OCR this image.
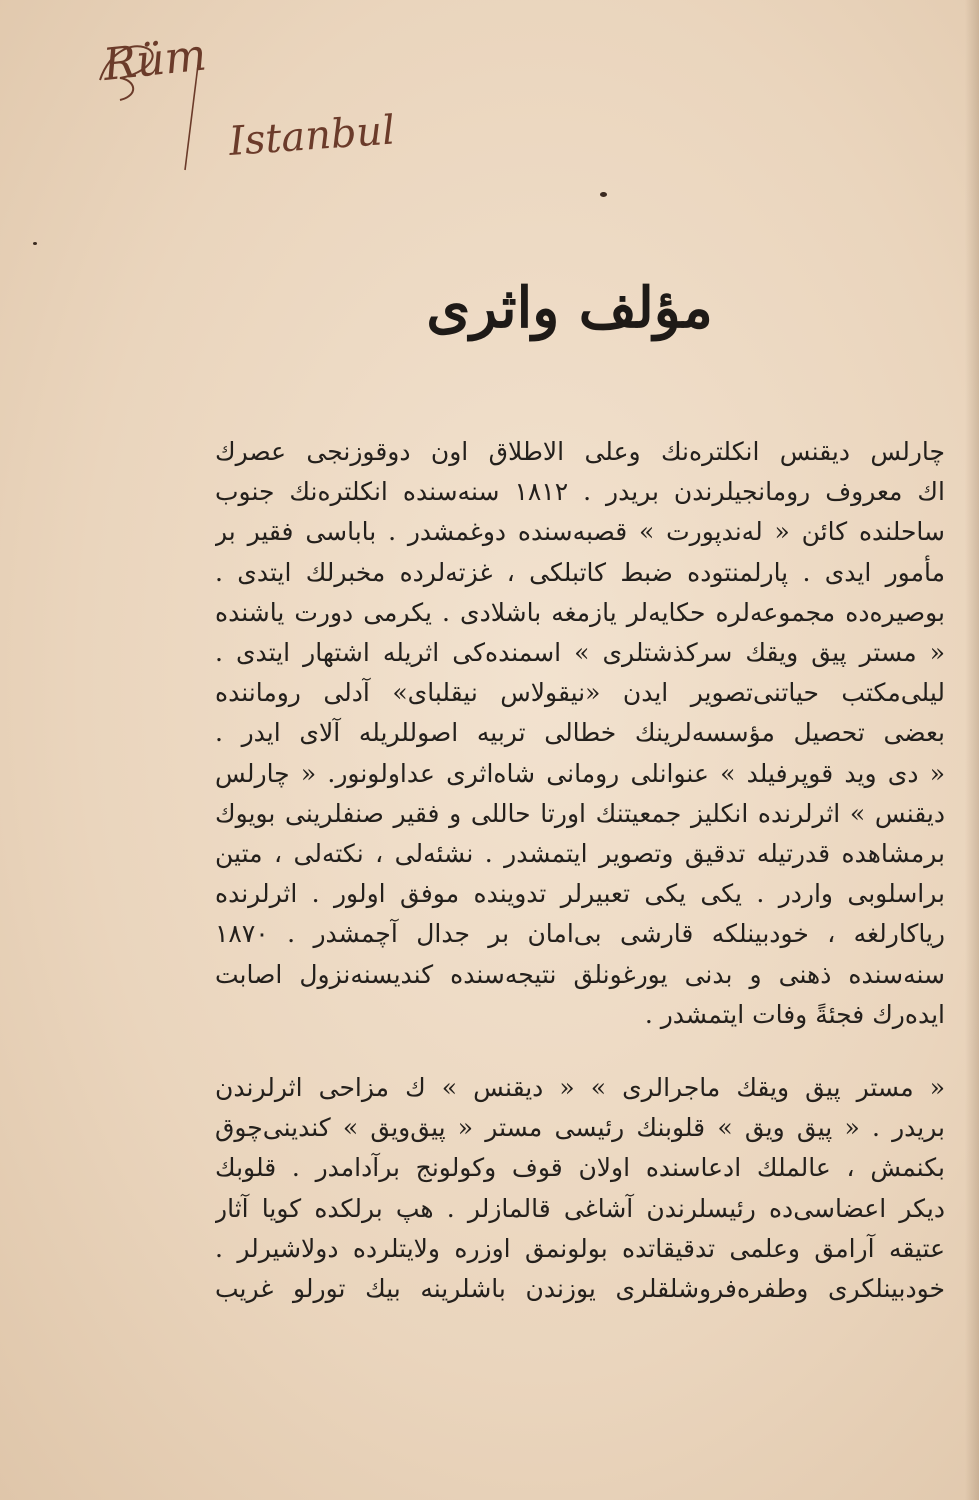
Rüm
Istanbul
مؤلف واثری
چارلس دیقنس انکلتره‌نك وعلى الاطلاق اون دوقوزنجی عصرك
اك معروف رومانجیلرندن بریدر . ١٨١٢ سنه‌سنده انکلتره‌نك جنوب
ساحلنده کائن « له‌ندپورت » قصبه‌سنده دوغمشدر . باباسی فقیر بر
مأمور ایدی . پارلمنتوده ضبط کاتبلکی ، غزته‌لرده مخبرلك ایتدی .
بوصیره‌ده مجموعه‌لره حکایه‌لر یازمغه باشلادی . یکرمی دورت یاشنده
« مستر پیق ویقك سرکذشتلری » اسمنده‌کی اثریله اشتهار ایتدی .
لیلی‌مکتب حیاتنی‌تصویر ایدن «نیقولاس نیقلبای» آدلی روماننده
بعضی تحصیل مؤسسه‌لرینك خطالی تربیه اصوللریله آلای ایدر .
« دی وید قوپرفیلد » عنوانلی رومانی شاه‌اثری عداولونور. « چارلس
دیقنس » اثرلرنده انکلیز جمعیتنك اورتا حاللی و فقیر صنفلرینی بویوك
برمشاهده قدرتیله تدقیق وتصویر ایتمشدر . نشئه‌لی ، نکته‌لی ، متین
براسلوبی واردر . یکی یکی تعبیرلر تدوینده موفق اولور . اثرلرنده
ریاکارلغه ، خودبینلکه قارشی بی‌امان بر جدال آچمشدر . ١٨٧٠
سنه‌سنده ذهنی و بدنی یورغونلق نتیجه‌سنده کندیسنه‌نزول اصابت
ایده‌رك فجئةً وفات ایتمشدر .
« مستر پیق ویقك ماجرالری » « دیقنس » ك مزاحی اثرلرندن
بریدر . « پیق ویق » قلوبنك رئیسی مستر « پیق‌ویق » کندینی‌چوق
بکنمش ، عالملك ادعاسنده اولان قوف وکولونج برآدامدر . قلوبك
دیکر اعضاسی‌ده رئیسلرندن آشاغی قالمازلر . هپ برلکده کویا آثار
عتیقه آرامق وعلمی تدقیقاتده بولونمق اوزره ولایتلرده دولاشیرلر .
خودبینلکری وطفره‌فروشلقلری یوزندن باشلرینه بیك تورلو غریب
